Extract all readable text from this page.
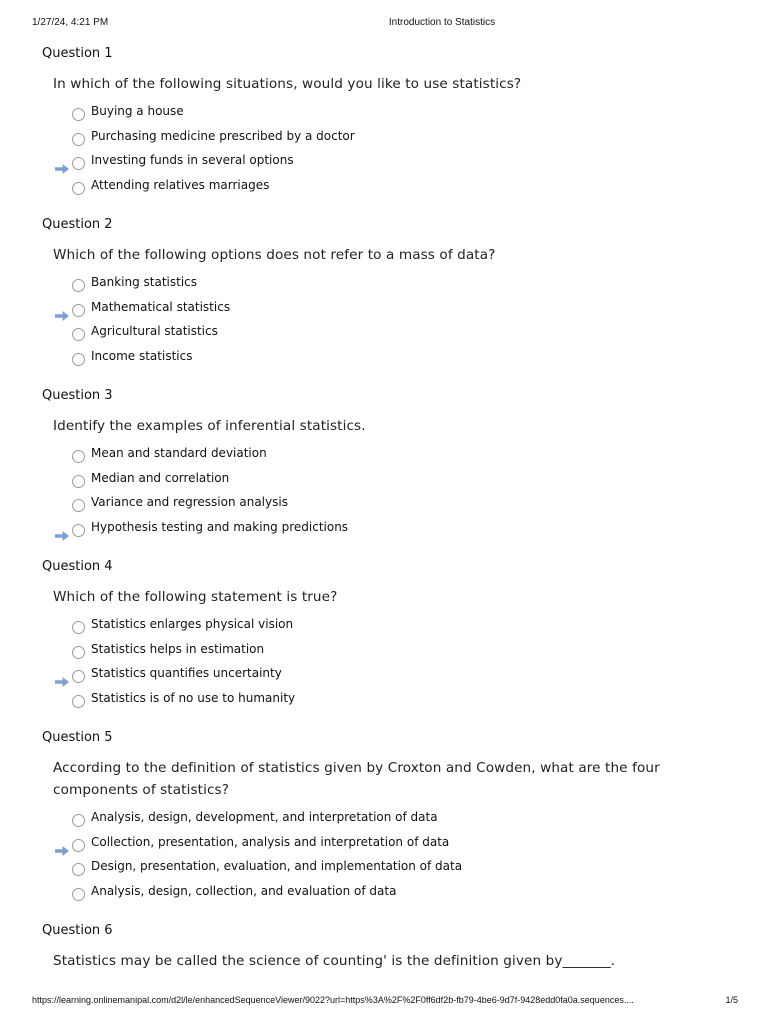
1/27/24, 4:21 PM	Introduction to Statistics
Question 1
In which of the following situations, would you like to use statistics?
Buying a house
Purchasing medicine prescribed by a doctor
Investing funds in several options
Attending relatives marriages
Question 2
Which of the following options does not refer to a mass of data?
Banking statistics
Mathematical statistics
Agricultural statistics
Income statistics
Question 3
Identify the examples of inferential statistics.
Mean and standard deviation
Median and correlation
Variance and regression analysis
Hypothesis testing and making predictions
Question 4
Which of the following statement is true?
Statistics enlarges physical vision
Statistics helps in estimation
Statistics quantifies uncertainty
Statistics is of no use to humanity
Question 5
According to the definition of statistics given by Croxton and Cowden, what are the four components of statistics?
Analysis, design, development, and interpretation of data
Collection, presentation, analysis and interpretation of data
Design, presentation, evaluation, and implementation of data
Analysis, design, collection, and evaluation of data
Question 6
Statistics may be called the science of counting' is the definition given by_______.
https://learning.onlinemanipal.com/d2l/le/enhancedSequenceViewer/9022?url=https%3A%2F%2F0ff6df2b-fb79-4be6-9d7f-9428edd0fa0a.sequences....	1/5
